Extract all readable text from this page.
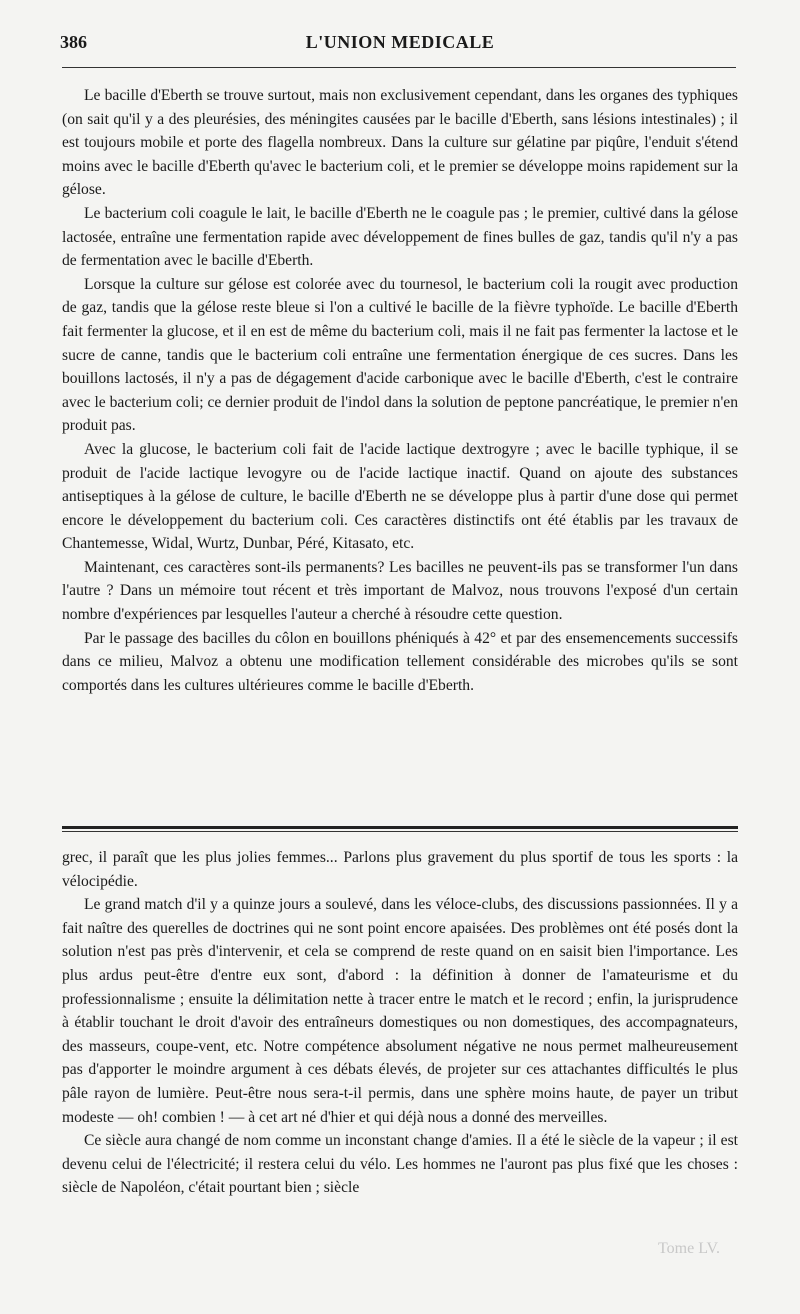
386	L'UNION MEDICALE

Le bacille d'Eberth se trouve surtout, mais non exclusivement cependant, dans les organes des typhiques (on sait qu'il y a des pleurésies, des méningites causées par le bacille d'Eberth, sans lésions intestinales) ; il est toujours mobile et porte des flagella nombreux. Dans la culture sur gélatine par piqûre, l'enduit s'étend moins avec le bacille d'Eberth qu'avec le bacterium coli, et le premier se développe moins rapidement sur la gélose.

Le bacterium coli coagule le lait, le bacille d'Eberth ne le coagule pas ; le premier, cultivé dans la gélose lactosée, entraîne une fermentation rapide avec développement de fines bulles de gaz, tandis qu'il n'y a pas de fermentation avec le bacille d'Eberth.

Lorsque la culture sur gélose est colorée avec du tournesol, le bacterium coli la rougit avec production de gaz, tandis que la gélose reste bleue si l'on a cultivé le bacille de la fièvre typhoïde. Le bacille d'Eberth fait fermenter la glucose, et il en est de même du bacterium coli, mais il ne fait pas fermenter la lactose et le sucre de canne, tandis que le bacterium coli entraîne une fermentation énergique de ces sucres. Dans les bouillons lactosés, il n'y a pas de dégagement d'acide carbonique avec le bacille d'Eberth, c'est le contraire avec le bacterium coli; ce dernier produit de l'indol dans la solution de peptone pancréatique, le premier n'en produit pas.

Avec la glucose, le bacterium coli fait de l'acide lactique dextrogyre ; avec le bacille typhique, il se produit de l'acide lactique levogyre ou de l'acide lactique inactif. Quand on ajoute des substances antiseptiques à la gélose de culture, le bacille d'Eberth ne se développe plus à partir d'une dose qui permet encore le développement du bacterium coli. Ces caractères distinctifs ont été établis par les travaux de Chantemesse, Widal, Wurtz, Dunbar, Péré, Kitasato, etc.

Maintenant, ces caractères sont-ils permanents? Les bacilles ne peuvent-ils pas se transformer l'un dans l'autre ? Dans un mémoire tout récent et très important de Malvoz, nous trouvons l'exposé d'un certain nombre d'expériences par lesquelles l'auteur a cherché à résoudre cette question.

Par le passage des bacilles du côlon en bouillons phéniqués à 42° et par des ensemencements successifs dans ce milieu, Malvoz a obtenu une modification tellement considérable des microbes qu'ils se sont comportés dans les cultures ultérieures comme le bacille d'Eberth.

grec, il paraît que les plus jolies femmes... Parlons plus gravement du plus sportif de tous les sports : la vélocipédie.

Le grand match d'il y a quinze jours a soulevé, dans les véloce-clubs, des discussions passionnées. Il y a fait naître des querelles de doctrines qui ne sont point encore apaisées. Des problèmes ont été posés dont la solution n'est pas près d'intervenir, et cela se comprend de reste quand on en saisit bien l'importance. Les plus ardus peut-être d'entre eux sont, d'abord : la définition à donner de l'amateurisme et du professionnalisme ; ensuite la délimitation nette à tracer entre le match et le record ; enfin, la jurisprudence à établir touchant le droit d'avoir des entraîneurs domestiques ou non domestiques, des accompagnateurs, des masseurs, coupe-vent, etc. Notre compétence absolument négative ne nous permet malheureusement pas d'apporter le moindre argument à ces débats élevés, de projeter sur ces attachantes difficultés le plus pâle rayon de lumière. Peut-être nous sera-t-il permis, dans une sphère moins haute, de payer un tribut modeste — oh! combien ! — à cet art né d'hier et qui déjà nous a donné des merveilles.

Ce siècle aura changé de nom comme un inconstant change d'amies. Il a été le siècle de la vapeur ; il est devenu celui de l'électricité; il restera celui du vélo. Les hommes ne l'auront pas plus fixé que les choses : siècle de Napoléon, c'était pourtant bien ; siècle

Tome LV.
